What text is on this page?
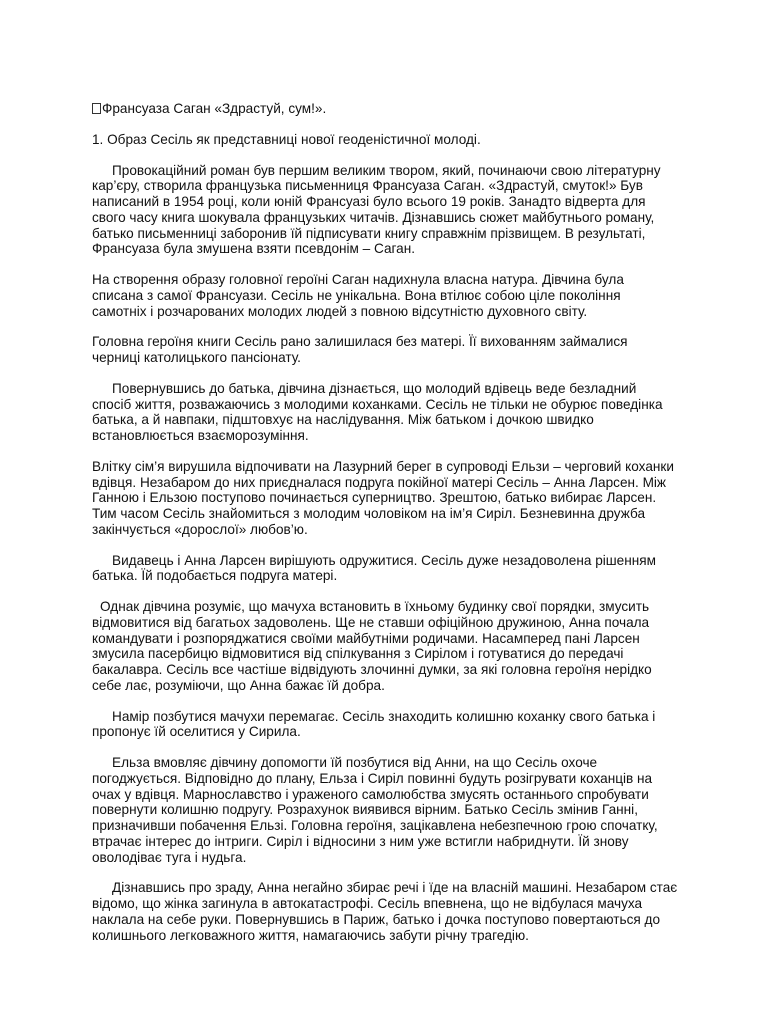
Франсуаза Саган «Здрастуй, сум!».

1. Образ Сесіль як представниці нової геоденістичної молоді.

Провокаційний роман був першим великим твором, який, починаючи свою літературну кар’єру, створила французька письменниця Франсуаза Саган. «Здрастуй, смуток!» Був написаний в 1954 році, коли юній Франсуазі було всього 19 років. Занадто відверта для свого часу книга шокувала французьких читачів. Дізнавшись сюжет майбутнього роману, батько письменниці заборонив їй підписувати книгу справжнім прізвищем. В результаті, Франсуаза була змушена взяти псевдонім – Саган.

На створення образу головної героїні Саган надихнула власна натура. Дівчина була списана з самої Франсуази. Сесіль не унікальна. Вона втілює собою ціле покоління самотніх і розчарованих молодих людей з повною відсутністю духовного світу.

Головна героїня книги Сесіль рано залишилася без матері. Її вихованням займалися черниці католицького пансіонату.

Повернувшись до батька, дівчина дізнається, що молодий вдівець веде безладний спосіб життя, розважаючись з молодими коханками. Сесіль не тільки не обурює поведінка батька, а й навпаки, підштовхує на наслідування. Між батьком і дочкою швидко встановлюється взаєморозуміння.

Влітку сім’я вирушила відпочивати на Лазурний берег в супроводі Ельзи – черговий коханки вдівця. Незабаром до них приєдналася подруга покійної матері Сесіль – Анна Ларсен. Між Ганною і Ельзою поступово починається суперництво. Зрештою, батько вибирає Ларсен. Тим часом Сесіль знайомиться з молодим чоловіком на ім’я Сиріл. Безневинна дружба закінчується «дорослої» любов’ю.

Видавець і Анна Ларсен вирішують одружитися. Сесіль дуже незадоволена рішенням батька. Їй подобається подруга матері.

Однак дівчина розуміє, що мачуха встановить в їхньому будинку свої порядки, змусить відмовитися від багатьох задоволень. Ще не ставши офіційною дружиною, Анна почала командувати і розпоряджатися своїми майбутніми родичами. Насамперед пані Ларсен змусила пасербицю відмовитися від спілкування з Сирілом і готуватися до передачі бакалавра. Сесіль все частіше відвідують злочинні думки, за які головна героїня нерідко себе лає, розуміючи, що Анна бажає їй добра.

Намір позбутися мачухи перемагає. Сесіль знаходить колишню коханку свого батька і пропонує їй оселитися у Сирила.

Ельза вмовляє дівчину допомогти їй позбутися від Анни, на що Сесіль охоче погоджується. Відповідно до плану, Ельза і Сиріл повинні будуть розігрувати коханців на очах у вдівця. Марнославство і ураженого самолюбства змусять останнього спробувати повернути колишню подругу. Розрахунок виявився вірним. Батько Сесіль змінив Ганні, призначивши побачення Ельзі. Головна героїня, зацікавлена небезпечною грою спочатку, втрачає інтерес до інтриги. Сиріл і відносини з ним уже встигли набриднути. Їй знову оволодіває туга і нудьга.

Дізнавшись про зраду, Анна негайно збирає речі і їде на власній машині. Незабаром стає відомо, що жінка загинула в автокатастрофі. Сесіль впевнена, що не відбулася мачуха наклала на себе руки. Повернувшись в Париж, батько і дочка поступово повертаються до колишнього легковажного життя, намагаючись забути річну трагедію.
